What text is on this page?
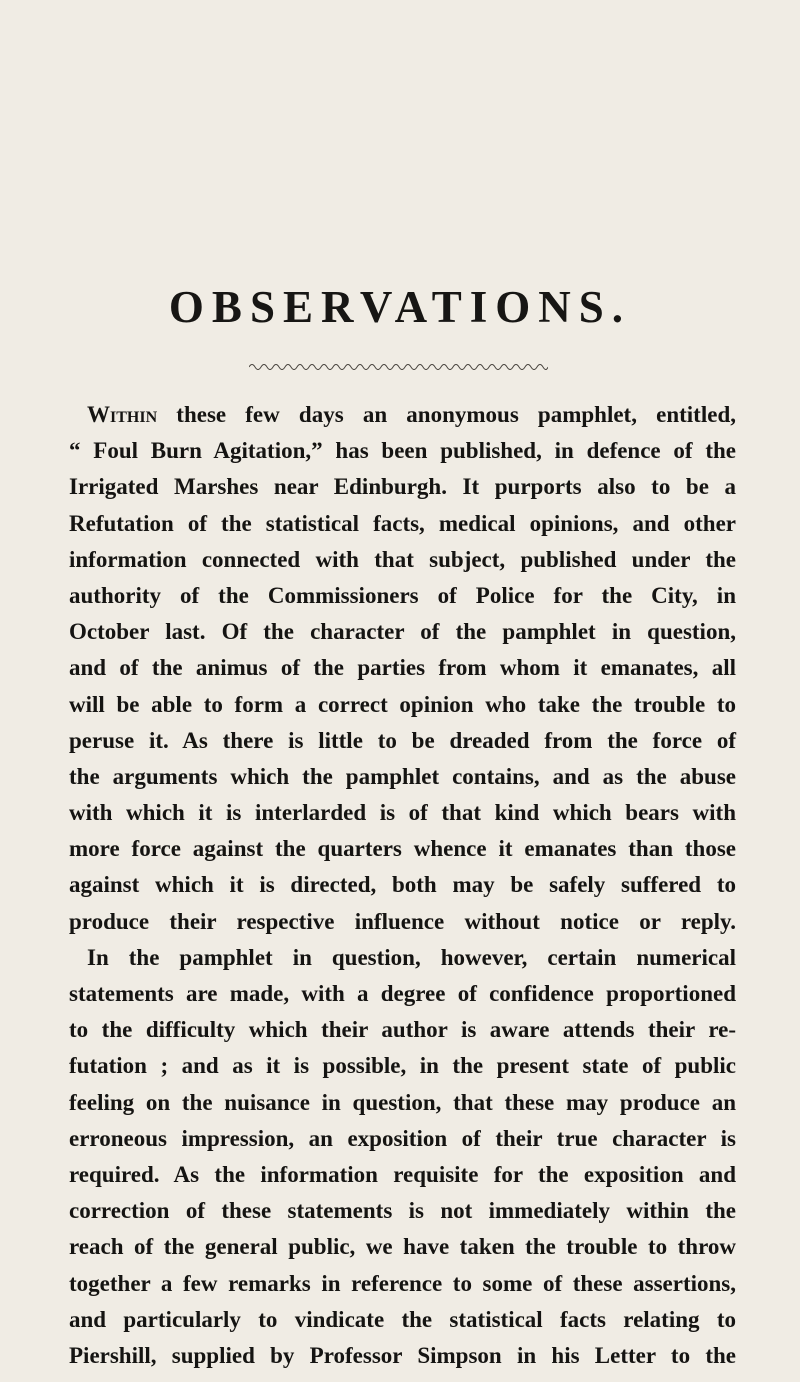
OBSERVATIONS.
Within these few days an anonymous pamphlet, entitled,
“ Foul Burn Agitation,” has been published, in defence of the
Irrigated Marshes near Edinburgh. It purports also to be a
Refutation of the statistical facts, medical opinions, and other
information connected with that subject, published under the
authority of the Commissioners of Police for the City, in
October last. Of the character of the pamphlet in question,
and of the animus of the parties from whom it emanates, all
will be able to form a correct opinion who take the trouble to
peruse it. As there is little to be dreaded from the force of
the arguments which the pamphlet contains, and as the abuse
with which it is interlarded is of that kind which bears with
more force against the quarters whence it emanates than those
against which it is directed, both may be safely suffered to
produce their respective influence without notice or reply.
In the pamphlet in question, however, certain numerical
statements are made, with a degree of confidence proportioned
to the difficulty which their author is aware attends their re-
futation ; and as it is possible, in the present state of public
feeling on the nuisance in question, that these may produce an
erroneous impression, an exposition of their true character is
required. As the information requisite for the exposition and
correction of these statements is not immediately within the
reach of the general public, we have taken the trouble to throw
together a few remarks in reference to some of these assertions,
and particularly to vindicate the statistical facts relating to
Piershill, supplied by Professor Simpson in his Letter to the
